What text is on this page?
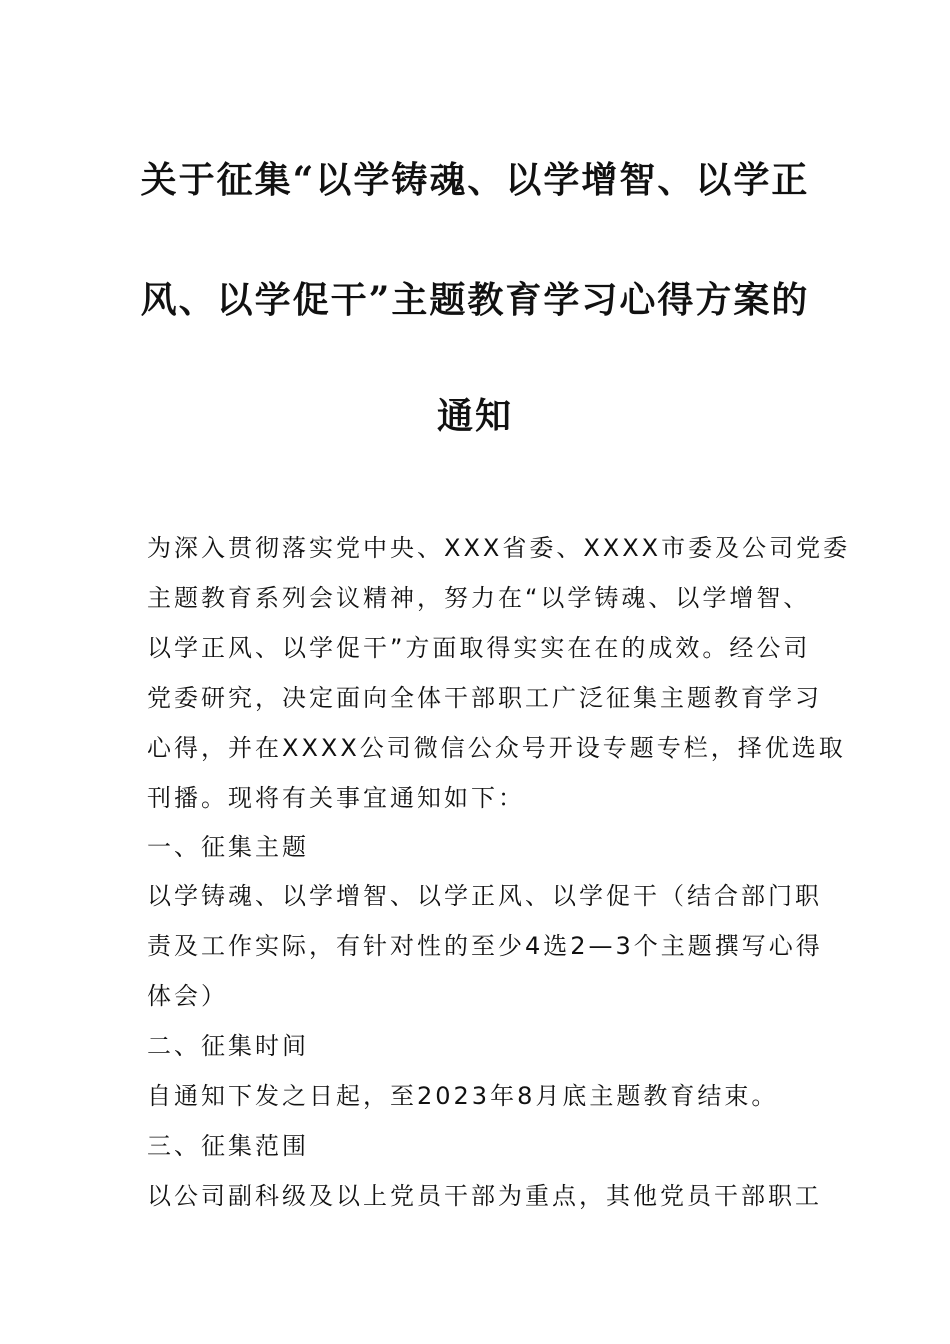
关于征集“以学铸魂、以学增智、以学正
风、以学促干”主题教育学习心得方案的
通知
为深入贯彻落实党中央、XXX省委、XXXX市委及公司党委
主题教育系列会议精神，努力在“以学铸魂、以学增智、
以学正风、以学促干”方面取得实实在在的成效。经公司
党委研究，决定面向全体干部职工广泛征集主题教育学习
心得，并在XXXX公司微信公众号开设专题专栏，择优选取
刊播。现将有关事宜通知如下：
一、征集主题
以学铸魂、以学增智、以学正风、以学促干（结合部门职
责及工作实际，有针对性的至少4选2—3个主题撰写心得
体会）
二、征集时间
自通知下发之日起，至2023年8月底主题教育结束。
三、征集范围
以公司副科级及以上党员干部为重点，其他党员干部职工
